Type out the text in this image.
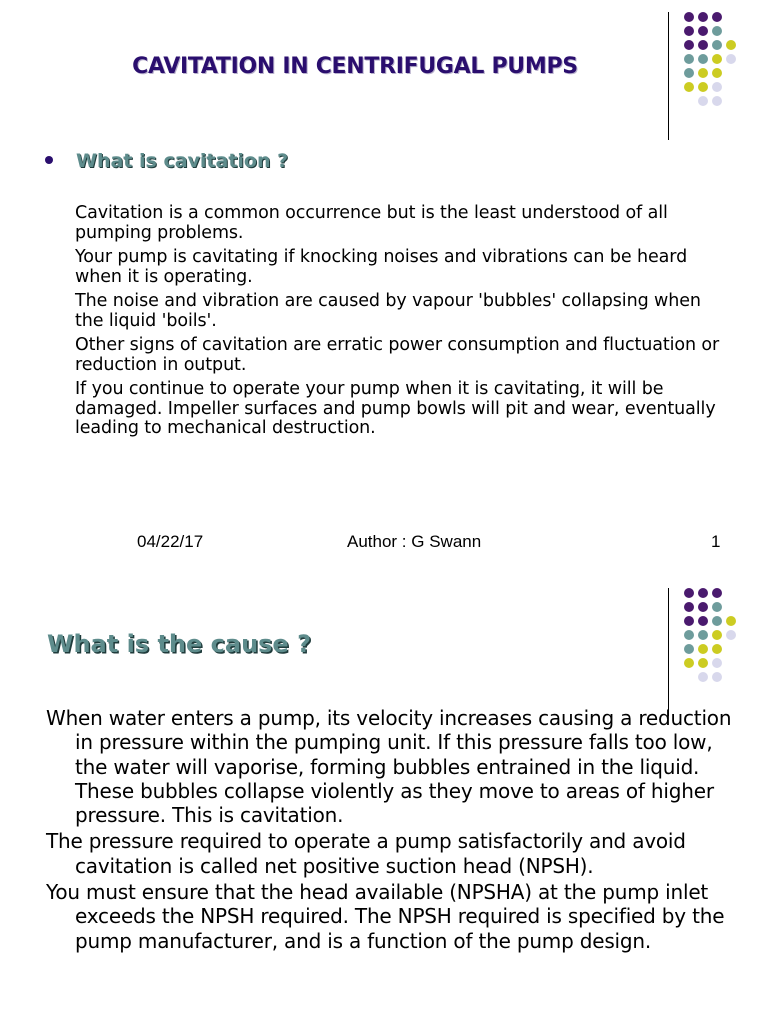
CAVITATION IN CENTRIFUGAL PUMPS
What is cavitation ?

Cavitation is a common occurrence but is the least understood of all pumping problems.

Your pump is cavitating if knocking noises and vibrations can be heard when it is operating.

The noise and vibration are caused by vapour 'bubbles' collapsing when the liquid 'boils'.

Other signs of cavitation are erratic power consumption and fluctuation or reduction in output.

If you continue to operate your pump when it is cavitating, it will be damaged. Impeller surfaces and pump bowls will pit and wear, eventually leading to mechanical destruction.

04/22/17	Author : G Swann	1
What is the cause ?

When water enters a pump, its velocity increases causing a reduction in pressure within the pumping unit. If this pressure falls too low, the water will vaporise, forming bubbles entrained in the liquid. These bubbles collapse violently as they move to areas of higher pressure. This is cavitation.

The pressure required to operate a pump satisfactorily and avoid cavitation is called net positive suction head (NPSH).

You must ensure that the head available (NPSHA) at the pump inlet exceeds the NPSH required. The NPSH required is specified by the pump manufacturer, and is a function of the pump design.
